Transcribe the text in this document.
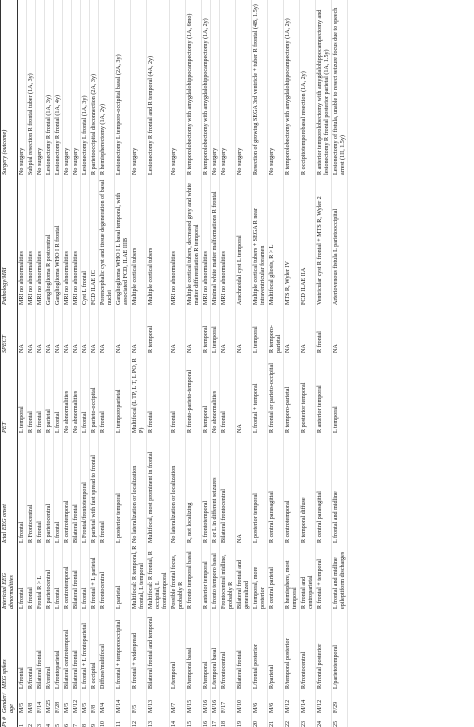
Pt #	Gender/age	MEG spikes	Interictal EEG abnormalities	Ictal EEG onset	PET	SPECT	Pathology/MRI	Surgery (outcome)
1	M/5	L/frontal	L frontal	L frontal	L temporal	NA	MRI no abnormalities	No surgery
2	M/8	R/frontal	R frontal	R Frontocentral	R frontal	NA	MRI no abnormalities	Subpial resection R frontal tuber (1A, 3y)
3	F/14	Bilateral frontal	Frontal R > L	R frontal	R frontal	NA	MRI no abnormalities	No surgery
4	M/25	R/central	R parietocentral	R parietocentral	R parietal	NA	Ganglioglioma R postcentral	Lesionectomy R frontal (1A, 3y)
5	F/28	L/frontoparietal	L frontal	L frontal	L frontal	NA	Ganglioglioma WHO I R frontal	Lesionectomy R frontal (1A, 4y)
6	M/5	Bilateral centrotemporal	R centrotemporal	R centrotemporal	No abnormalities	NA	MRI no abnormalities	No surgery
7	M/12	Bilateral frontal	Bilateral frontal	Bilateral frontal	No abnormalities	NA	MRI no abnormalities	No surgery
8	M/5	L frontal + L frontoparietal	L frontal	L Frontal/frontotemporal	L frontal	NA	Cyst L frontal	Lesionectomy L frontal (1A, 3y)
9	F/8	R occipital	R frontal + L parietal	R parietal with fast spread to frontal	R parieto-occipital	NA	FCD ILAE IC	R parietooccipital disconnection (2A, 3y)
10	M/4	Diffuse/multifocal	R frontocentral	R frontal	R frontal	NA	Porencephalic cyst and tissue degeneration of basal nuclei	R hemispherectomy (1A, 2y)
11	M/14	L frontal + temporooccipital	L parietal	L posterior temporal	L temporoparietal	NA	Ganglioglioma WHO I L basal temporal, with associated FCD, ILAE IIIB	Lesionectomy L temporo-occipital basal (2A, 3y)
12	F/5	R frontal + widespread	Multifocal: R temporal, R frontal, L temporal	No lateralization or localization	Multifocal (L TP, L T, L PO, R P)	NA	Multiple cortical tubers	No surgery
13	M/13	Bilateral frontal and temporal	Multifocal: R frontal, R occipital, L frontotemporal	Multifocal, most prominent in frontal	R frontal	R temporal	Multiple cortical tubers	Lesionectomy R frontal and R temporal (4A, 2y)
14	M/7	L/temporal	Possible frontal focus, probably R	No lateralization or localization	R frontal	NA	MRI no abnormalities	No surgery
15	M/15	R/temporal basal	R fronto temporal basal	R, not localizing	R fronto-parieto-temporal	NA	Multiple cortical tubers, decreased grey and white matter differentiation R temporal	R temporolobectomy with amygdalohippocampectomy (1A, 6mo)
16	M/16	R/temporal	R anterior temporal	R frontotemporal	R temporal	R temporal	MRI no abnormalities	R temporolobectomy with amygdalohippocampectomy (1A, 2y)
17	M/16	L/temporal basal	L fronto temporo basal	R or L in different seizures	No abnormalities	L temporal	Minimal white matter malformations R frontal	No surgery
18	F/17	R/frontocentral	Frontocentral midline, probably R	Bilateral frontocentral	R frontal	NA	MRI no abnormalities	No surgery
19	M/10	Bilateral frontal	Bilateral frontal and generalized	NA	NA	NA	Arachnoidal cyst L temporal	No surgery
20	M/6	L/frontal posterior	L temporal, more posterior	L posterior temporal	L frontal + temporal	L temporal	Multiple cortical tubers + SEGA R near intraventricular foramen	Resection of growing SEGA 3rd ventricle + tuber R frontal (4B, 1.5y)
21	M/6	R/parietal	R central parietal	R central parasagittal	R frontal or parieto-occipital	R temporo-parietal	Multifocal gliosis, R > L	No surgery
22	M/12	R/temporal posterior	R hemisphere, most temporal	R centrotemporal	R temporo-parietal	NA	MTS R, Wyler IV	R temporolobectomy with amygdalohippocampectomy (1A, 2y)
23	M/14	R/frontocentral	R frontal and centroparietal	R temporal diffuse	R posterior temporal	NA	FCD ILAE IIA	R occipitotemporobasal resection (1A, 2y)
24	M/12	R/frontal posterior	R frontal + temporal	R central parasagittal	R anterior temporal	R frontal	Ventricular cyst R frontal + MTS R, Wyler 2	R anterior temporolobectomy with amygdalohippocampectomy and lesionectomy R frontal posterior parietal (1A, 1.5y)
25	F/29	L/parietotemporal	L frontal and midline epileptiform discharges	L frontal and midline	L temporal	NA	Arteriovenous fistula L parietooccipital	Lesionectomy of fistula, unable to resect seizure focus due to speech arrest (1II, 1.5y)
